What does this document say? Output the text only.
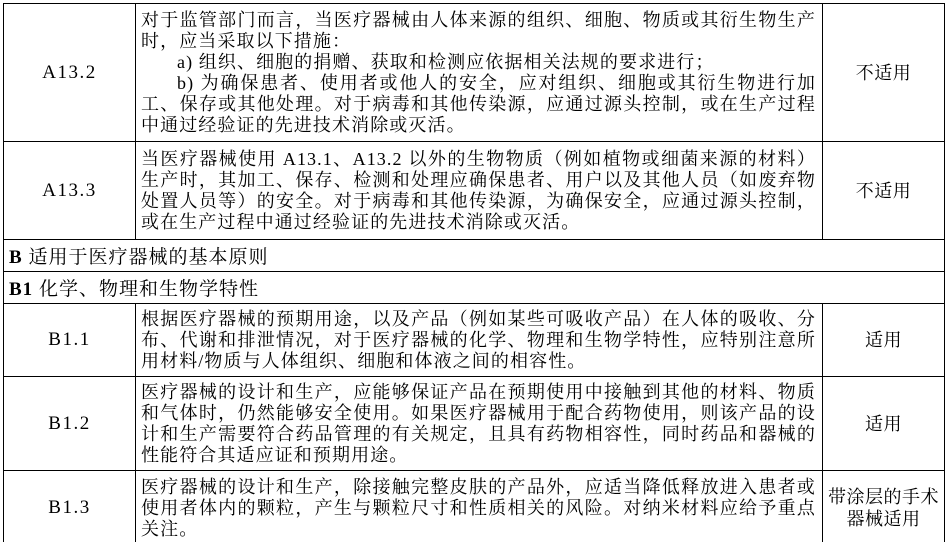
A13.2	对于监管部门而言，当医疗器械由人体来源的组织、细胞、物质或其衍生物生产时，应当采取以下措施：

a) 组织、细胞的捐赠、获取和检测应依据相关法规的要求进行；

b) 为确保患者、使用者或他人的安全，应对组织、细胞或其衍生物进行加工、保存或其他处理。对于病毒和其他传染源，应通过源头控制，或在生产过程中通过经验证的先进技术消除或灭活。	不适用
A13.3	当医疗器械使用 A13.1、A13.2 以外的生物物质（例如植物或细菌来源的材料）生产时，其加工、保存、检测和处理应确保患者、用户以及其他人员（如废弃物处置人员等）的安全。对于病毒和其他传染源，为确保安全，应通过源头控制，或在生产过程中通过经验证的先进技术消除或灭活。	不适用
B 适用于医疗器械的基本原则		
B1 化学、物理和生物学特性		
B1.1	根据医疗器械的预期用途，以及产品（例如某些可吸收产品）在人体的吸收、分布、代谢和排泄情况，对于医疗器械的化学、物理和生物学特性，应特别注意所用材料/物质与人体组织、细胞和体液之间的相容性。	适用
B1.2	医疗器械的设计和生产，应能够保证产品在预期使用中接触到其他的材料、物质和气体时，仍然能够安全使用。如果医疗器械用于配合药物使用，则该产品的设计和生产需要符合药品管理的有关规定，且具有药物相容性，同时药品和器械的性能符合其适应证和预期用途。	适用
B1.3	医疗器械的设计和生产，除接触完整皮肤的产品外，应适当降低释放进入患者或使用者体内的颗粒，产生与颗粒尺寸和性质相关的风险。对纳米材料应给予重点关注。	带涂层的手术器械适用
